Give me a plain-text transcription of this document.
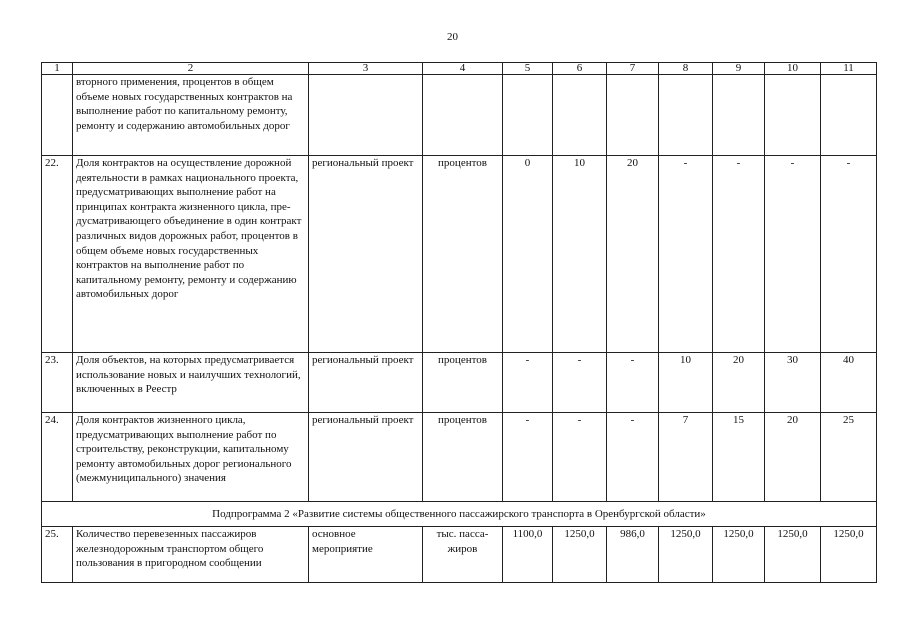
20
1	2	3	4	5	6	7	8	9	10	11
	вторного применения, процентов в общем объеме новых государственных контрактов на выполнение работ по капитальному ремонту, ремонту и содержанию автомобильных дорог									
22.	Доля контрактов на осуществление дорожной деятельности в рамках национального проекта, предусматривающих выполнение работ на принципах контракта жизненного цикла, предусматривающего объединение в один контракт различных видов дорожных работ, процентов в общем объеме новых государственных контрактов на выполнение работ по капитальному ремонту, ремонту и содержанию автомобильных дорог	региональный проект	процентов	0	10	20	-	-	-	-
23.	Доля объектов, на которых предусматривается использование новых и наилучших технологий, включенных в Реестр	региональный проект	процентов	-	-	-	10	20	30	40
24.	Доля контрактов жизненного цикла, предусматривающих выполнение работ по строительству, реконструкции, капитальному ремонту автомобильных дорог регионального (межмуниципального) значения	региональный проект	процентов	-	-	-	7	15	20	25
Подпрограмма 2 «Развитие системы общественного пассажирского транспорта в Оренбургской области»										
25.	Количество перевезенных пассажиров железнодорожным транспортом общего пользования в пригородном сообщении	основное мероприятие	тыс. пассажиров	1100,0	1250,0	986,0	1250,0	1250,0	1250,0	1250,0
